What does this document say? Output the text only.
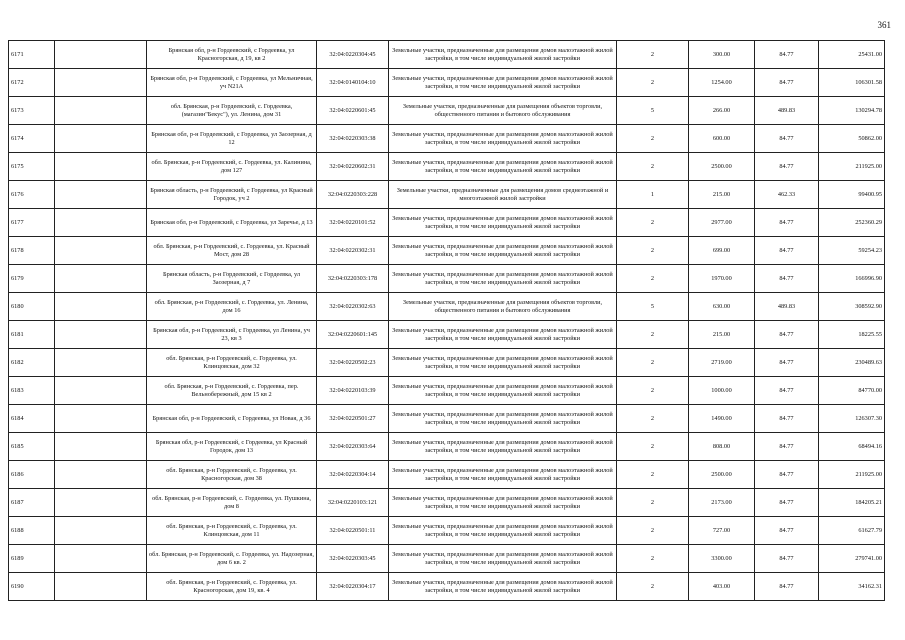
361
6171		Брянская обл, р-н Гордеевский, с Гордеевка, ул Красногорская, д 19, кв 2	32:04:0220304:45	Земельные участки, предназначенные для размещения домов малоэтажной жилой застройки, в том числе индивидуальной жилой застройки	2	300.00	84.77	25431.00
6172		Брянская обл, р-н Гордеевский, с Гордеевка, ул Мельничная, уч N21А	32:04:0140104:10	Земельные участки, предназначенные для размещения домов малоэтажной жилой застройки, в том числе индивидуальной жилой застройки	2	1254.00	84.77	106301.58
6173		обл. Брянская, р-н Гордеевский, с. Гордеевка, (магазин"Бекус"), ул. Ленина, дом 31	32:04:0220601:45	Земельные участки, предназначенные для размещения объектов торговли, общественного питания и бытового обслуживания	5	266.00	489.83	130294.78
6174		Брянская обл, р-н Гордеевский, с Гордеевка, ул Заозерная, д 12	32:04:0220303:38	Земельные участки, предназначенные для размещения домов малоэтажной жилой застройки, в том числе индивидуальной жилой застройки	2	600.00	84.77	50862.00
6175		обл. Брянская, р-н Гордеевский, с. Гордеевка, ул. Калинина, дом 127	32:04:0220602:31	Земельные участки, предназначенные для размещения домов малоэтажной жилой застройки, в том числе индивидуальной жилой застройки	2	2500.00	84.77	211925.00
6176		Брянская область, р-н Гордеевский, с Гордеевка, ул Красный Городок, уч 2	32:04:0220303:228	Земельные участки, предназначенные для размещения домов среднеэтажной и многоэтажной жилой застройки	1	215.00	462.33	99400.95
6177		Брянская обл, р-н Гордеевский, с Гордеевка, ул Заречье, д 13	32:04:0220101:52	Земельные участки, предназначенные для размещения домов малоэтажной жилой застройки, в том числе индивидуальной жилой застройки	2	2977.00	84.77	252360.29
6178		обл. Брянская, р-н Гордеевский, с. Гордеевка, ул. Красный Мост, дом 28	32:04:0220302:31	Земельные участки, предназначенные для размещения домов малоэтажной жилой застройки, в том числе индивидуальной жилой застройки	2	699.00	84.77	59254.23
6179		Брянская область, р-н Гордеевский, с Гордеевка, ул Заозерная, д 7	32:04:0220303:178	Земельные участки, предназначенные для размещения домов малоэтажной жилой застройки, в том числе индивидуальной жилой застройки	2	1970.00	84.77	166996.90
6180		обл. Брянская, р-н Гордеевский, с. Гордеевка, ул. Ленина, дом 16	32:04:0220302:63	Земельные участки, предназначенные для размещения объектов торговли, общественного питания и бытового обслуживания	5	630.00	489.83	308592.90
6181		Брянская обл, р-н Гордеевский, с Гордеевка, ул Ленина, уч 23, кв 3	32:04:0220601:145	Земельные участки, предназначенные для размещения домов малоэтажной жилой застройки, в том числе индивидуальной жилой застройки	2	215.00	84.77	18225.55
6182		обл. Брянская, р-н Гордеевский, с. Гордеевка, ул. Клинцовская, дом 32	32:04:0220502:23	Земельные участки, предназначенные для размещения домов малоэтажной жилой застройки, в том числе индивидуальной жилой застройки	2	2719.00	84.77	230489.63
6183		обл. Брянская, р-н Гордеевский, с. Гордеевка, пер. Вельнобережный, дом 15 кв 2	32:04:0220103:39	Земельные участки, предназначенные для размещения домов малоэтажной жилой застройки, в том числе индивидуальной жилой застройки	2	1000.00	84.77	84770.00
6184		Брянская обл, р-н Гордеевский, с Гордеевка, ул Новая, д 36	32:04:0220501:27	Земельные участки, предназначенные для размещения домов малоэтажной жилой застройки, в том числе индивидуальной жилой застройки	2	1490.00	84.77	126307.30
6185		Брянская обл, р-н Гордеевский, с Гордеевка, ул Красный Городок, дом 13	32:04:0220303:64	Земельные участки, предназначенные для размещения домов малоэтажной жилой застройки, в том числе индивидуальной жилой застройки	2	808.00	84.77	68494.16
6186		обл. Брянская, р-н Гордеевский, с. Гордеевка, ул. Красногорская, дом 38	32:04:0220304:14	Земельные участки, предназначенные для размещения домов малоэтажной жилой застройки, в том числе индивидуальной жилой застройки	2	2500.00	84.77	211925.00
6187		обл. Брянская, р-н Гордеевский, с. Гордеевка, ул. Пушкина, дом 8	32:04:0220103:121	Земельные участки, предназначенные для размещения домов малоэтажной жилой застройки, в том числе индивидуальной жилой застройки	2	2173.00	84.77	184205.21
6188		обл. Брянская, р-н Гордеевский, с. Гордеевка, ул. Клинцовская, дом 11	32:04:0220501:11	Земельные участки, предназначенные для размещения домов малоэтажной жилой застройки, в том числе индивидуальной жилой застройки	2	727.00	84.77	61627.79
6189		обл. Брянская, р-н Гордеевский, с. Гордеевка, ул. Надозерная, дом 6 кв. 2	32:04:0220303:45	Земельные участки, предназначенные для размещения домов малоэтажной жилой застройки, в том числе индивидуальной жилой застройки	2	3300.00	84.77	279741.00
6190		обл. Брянская, р-н Гордеевский, с. Гордеевка, ул. Красногорская, дом 19, кв. 4	32:04:0220304:17	Земельные участки, предназначенные для размещения домов малоэтажной жилой застройки, в том числе индивидуальной жилой застройки	2	403.00	84.77	34162.31
